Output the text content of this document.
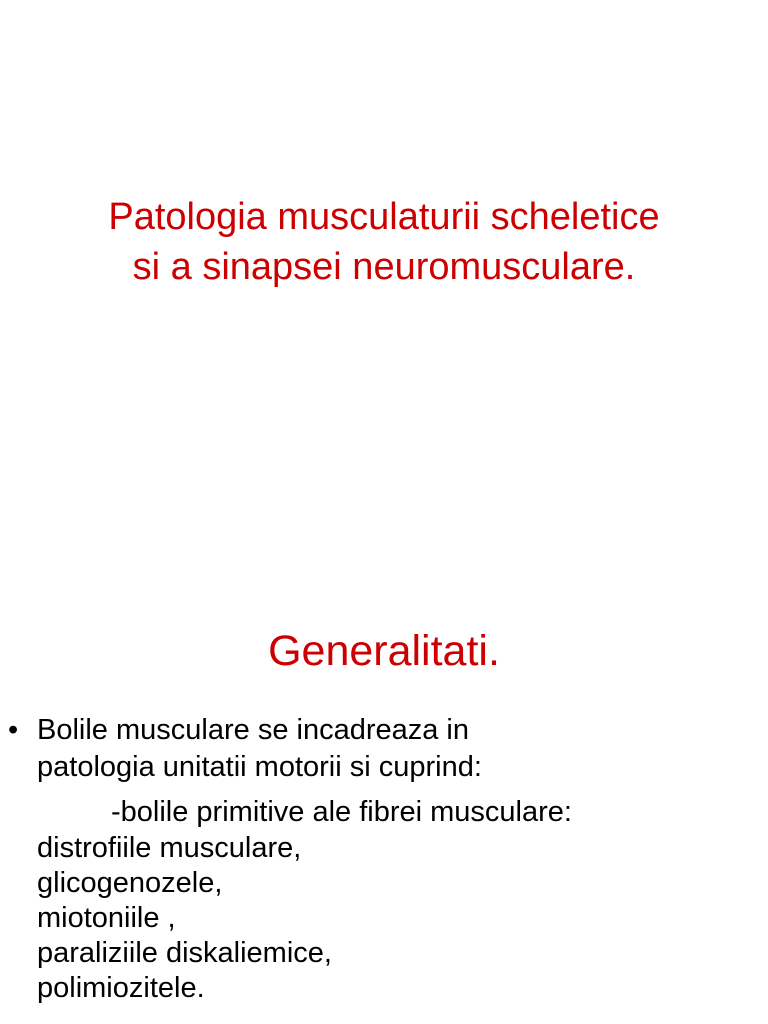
Patologia musculaturii scheletice
si a sinapsei neuromusculare.
Generalitati.
• Bolile musculare se incadreaza in
patologia unitatii motorii si cuprind:
-bolile primitive ale fibrei musculare:
distrofiile musculare,
glicogenozele,
miotoniile ,
paraliziile diskaliemice,
polimiozitele.
